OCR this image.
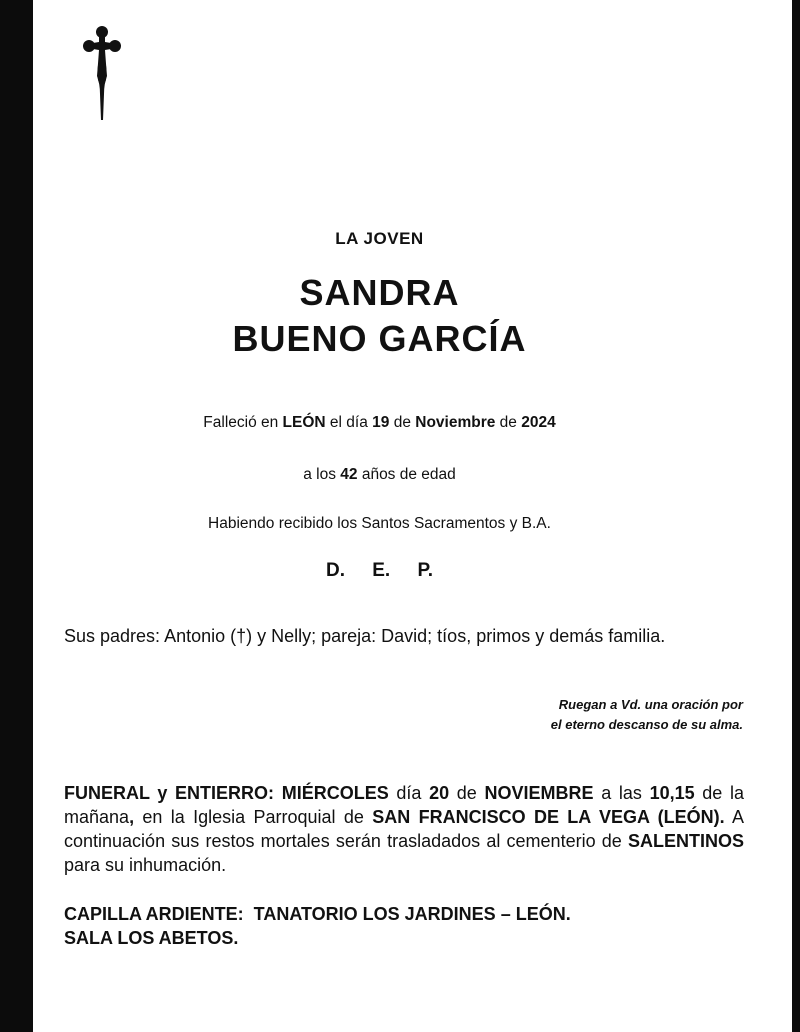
LA JOVEN
SANDRA
BUENO GARCÍA
Falleció en LEÓN el día 19 de Noviembre de 2024
a los 42 años de edad
Habiendo recibido los Santos Sacramentos y B.A.
D. E. P.
Sus padres: Antonio (†) y Nelly; pareja: David; tíos, primos y demás familia.
Ruegan a Vd. una oración por
el eterno descanso de su alma.
FUNERAL y ENTIERRO: MIÉRCOLES día 20 de NOVIEMBRE a las 10,15 de la mañana, en la Iglesia Parroquial de SAN FRANCISCO DE LA VEGA (LEÓN). A continuación sus restos mortales serán trasladados al cementerio de SALENTINOS para su inhumación.
CAPILLA ARDIENTE:  TANATORIO LOS JARDINES – LEÓN.
SALA LOS ABETOS.
